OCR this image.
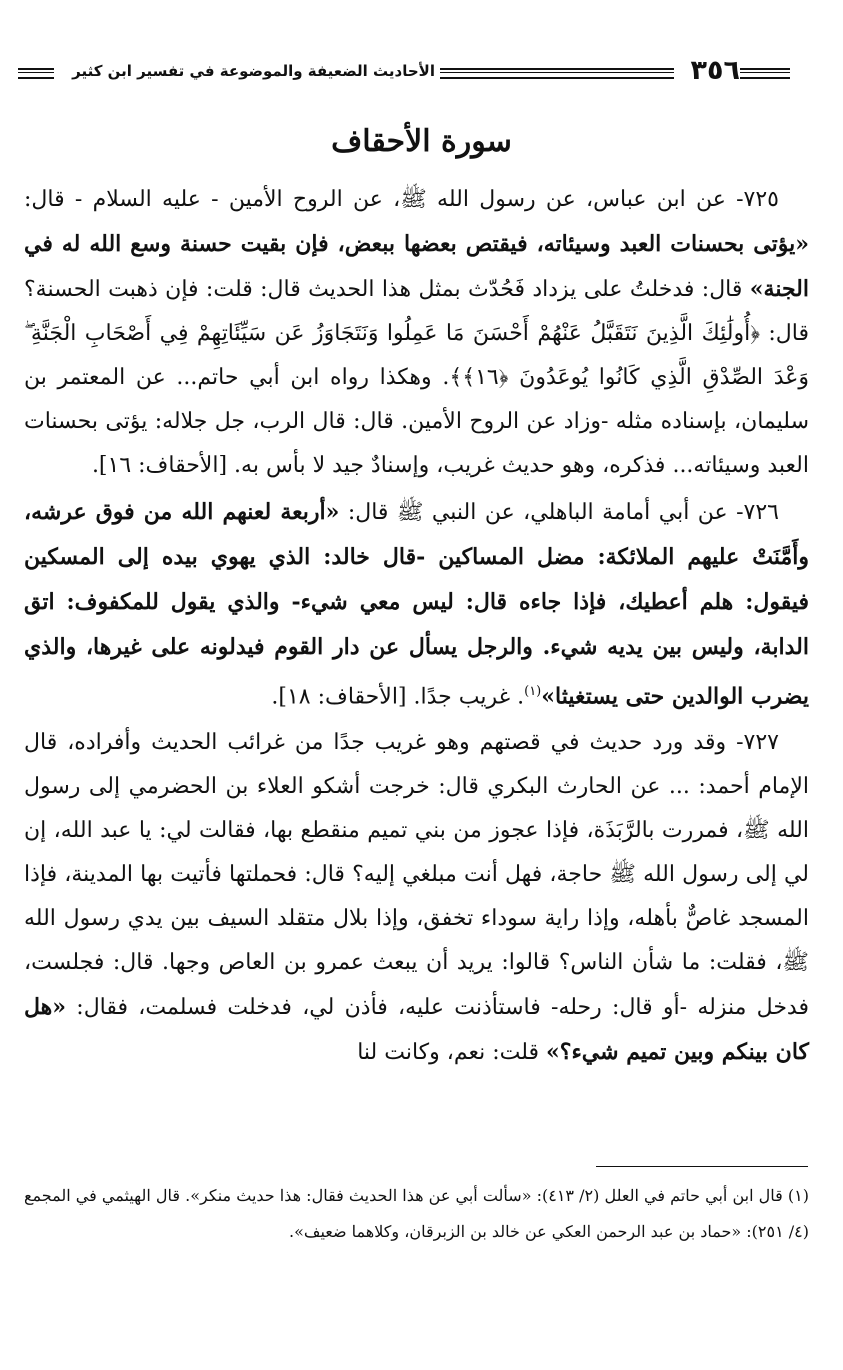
الأحاديث الضعيفة والموضوعة في تفسير ابن كثير	٣٥٦
سورة الأحقاف

٧٢٥- عن ابن عباس، عن رسول الله ﷺ، عن الروح الأمين - عليه السلام - قال: «يؤتى بحسنات العبد وسيئاته، فيقتص بعضها ببعض، فإن بقيت حسنة وسع الله له في الجنة» قال: فدخلتُ على يزداد فَحُدّث بمثل هذا الحديث قال: قلت: فإن ذهبت الحسنة؟ قال: ﴿أُولَٰئِكَ الَّذِينَ نَتَقَبَّلُ عَنْهُمْ أَحْسَنَ مَا عَمِلُوا وَنَتَجَاوَزُ عَن سَيِّئَاتِهِمْ فِي أَصْحَابِ الْجَنَّةِ ۖ وَعْدَ الصِّدْقِ الَّذِي كَانُوا يُوعَدُونَ ﴿١٦﴾﴾. وهكذا رواه ابن أبي حاتم... عن المعتمر بن سليمان، بإسناده مثله -وزاد عن الروح الأمين. قال: قال الرب، جل جلاله: يؤتى بحسنات العبد وسيئاته... فذكره، وهو حديث غريب، وإسنادٌ جيد لا بأس به. [الأحقاف: ١٦].

٧٢٦- عن أبي أمامة الباهلي، عن النبي ﷺ قال: «أربعة لعنهم الله من فوق عرشه، وأَمَّنَتْ عليهم الملائكة: مضل المساكين -قال خالد: الذي يهوي بيده إلى المسكين فيقول: هلم أعطيك، فإذا جاءه قال: ليس معي شيء- والذي يقول للمكفوف: اتق الدابة، وليس بين يديه شيء. والرجل يسأل عن دار القوم فيدلونه على غيرها، والذي يضرب الوالدين حتى يستغيثا»$^{(١)}$. غريب جدًا. [الأحقاف: ١٨].

٧٢٧- وقد ورد حديث في قصتهم وهو غريب جدًا من غرائب الحديث وأفراده، قال الإمام أحمد: ... عن الحارث البكري قال: خرجت أشكو العلاء بن الحضرمي إلى رسول الله ﷺ، فمررت بالرَّبَذَة، فإذا عجوز من بني تميم منقطع بها، فقالت لي: يا عبد الله، إن لي إلى رسول الله ﷺ حاجة، فهل أنت مبلغي إليه؟ قال: فحملتها فأتيت بها المدينة، فإذا المسجد غاصٌّ بأهله، وإذا راية سوداء تخفق، وإذا بلال متقلد السيف بين يدي رسول الله ﷺ، فقلت: ما شأن الناس؟ قالوا: يريد أن يبعث عمرو بن العاص وجها. قال: فجلست، فدخل منزله -أو قال: رحله- فاستأذنت عليه، فأذن لي، فدخلت فسلمت، فقال: «هل كان بينكم وبين تميم شيء؟» قلت: نعم، وكانت لنا

(١) قال ابن أبي حاتم في العلل (٢/ ٤١٣): «سألت أبي عن هذا الحديث فقال: هذا حديث منكر». قال الهيثمي في المجمع (٤/ ٢٥١): «حماد بن عبد الرحمن العكي عن خالد بن الزبرقان، وكلاهما ضعيف».
